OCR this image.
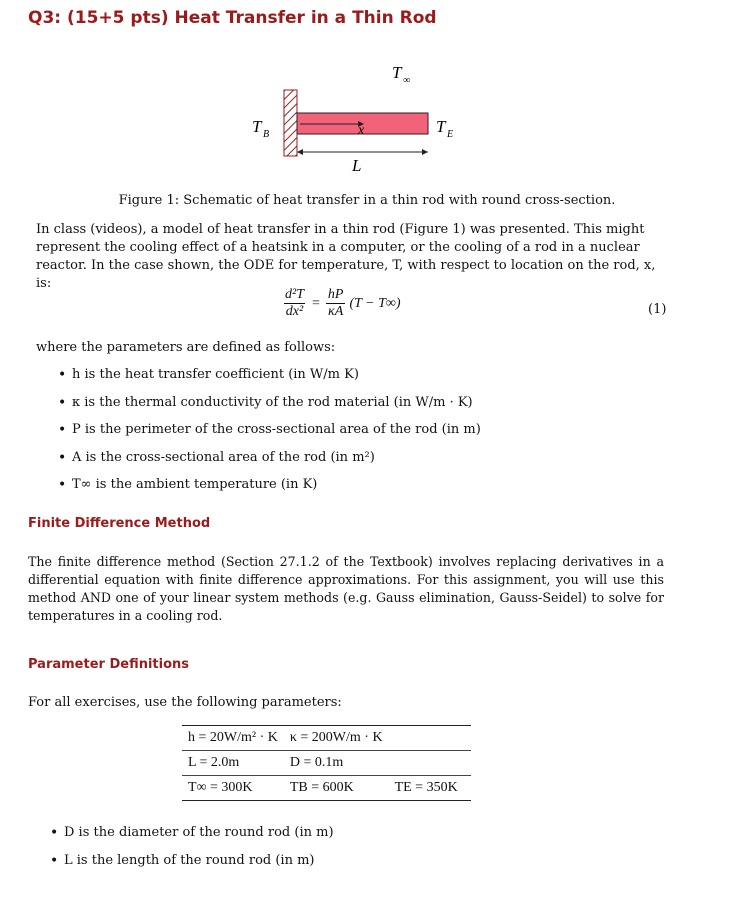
Q3: (15+5 pts) Heat Transfer in a Thin Rod
T ∞
x
T B	T E
L
Figure 1: Schematic of heat transfer in a thin rod with round cross-section.
In class (videos), a model of heat transfer in a thin rod (Figure 1) was presented. This might represent the cooling effect of a heatsink in a computer, or the cooling of a rod in a nuclear reactor. In the case shown, the ODE for temperature, T, with respect to location on the rod, x, is:
$\frac{\text{d²T}}{\text{dx²}} = \frac{hP}{\kappa A} (T - T\infty)$	(1)
where the parameters are defined as follows:
• h is the heat transfer coefficient (in W/m K)
• κ is the thermal conductivity of the rod material (in W/m · K)
• P is the perimeter of the cross-sectional area of the rod (in m)
• A is the cross-sectional area of the rod (in m²)
• T∞ is the ambient temperature (in K)
Finite Difference Method
The finite difference method (Section 27.1.2 of the Textbook) involves replacing derivatives in a differential equation with finite difference approximations. For this assignment, you will use this method AND one of your linear system methods (e.g. Gauss elimination, Gauss-Seidel) to solve for temperatures in a cooling rod.
Parameter Definitions
For all exercises, use the following parameters:
h = 20W/m² · K	κ = 200W/m · K	
L = 2.0m	D = 0.1m	
T∞ = 300K	TB = 600K	TE = 350K
• D is the diameter of the round rod (in m)
• L is the length of the round rod (in m)
